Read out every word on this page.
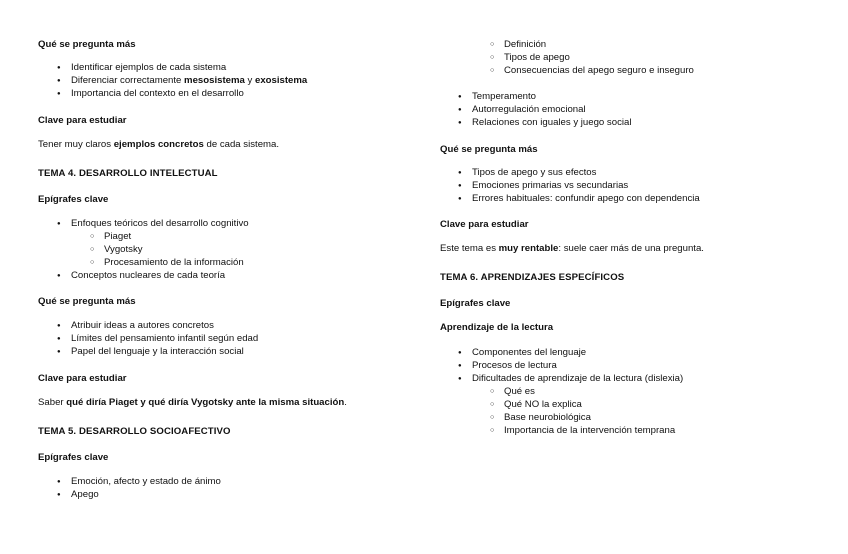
Qué se pregunta más
●
Identificar ejemplos de cada sistema
●
Diferenciar correctamente mesosistema y exosistema
●
Importancia del contexto en el desarrollo
Clave para estudiar
Tener muy claros ejemplos concretos de cada sistema.
TEMA 4. DESARROLLO INTELECTUAL
Epígrafes clave
●
Enfoques teóricos del desarrollo cognitivo
○
Piaget
○
Vygotsky
○
Procesamiento de la información
●
Conceptos nucleares de cada teoría
Qué se pregunta más
●
Atribuir ideas a autores concretos
●
Límites del pensamiento infantil según edad
●
Papel del lenguaje y la interacción social
Clave para estudiar
Saber qué diría Piaget y qué diría Vygotsky ante la misma situación.
TEMA 5. DESARROLLO SOCIOAFECTIVO
Epígrafes clave
●
Emoción, afecto y estado de ánimo
●
Apego
○
Definición
○
Tipos de apego
○
Consecuencias del apego seguro e inseguro
●
Temperamento
●
Autorregulación emocional
●
Relaciones con iguales y juego social
Qué se pregunta más
●
Tipos de apego y sus efectos
●
Emociones primarias vs secundarias
●
Errores habituales: confundir apego con dependencia
Clave para estudiar
Este tema es muy rentable: suele caer más de una pregunta.
TEMA 6. APRENDIZAJES ESPECÍFICOS
Epígrafes clave
Aprendizaje de la lectura
●
Componentes del lenguaje
●
Procesos de lectura
●
Dificultades de aprendizaje de la lectura (dislexia)
○
Qué es
○
Qué NO la explica
○
Base neurobiológica
○
Importancia de la intervención temprana
